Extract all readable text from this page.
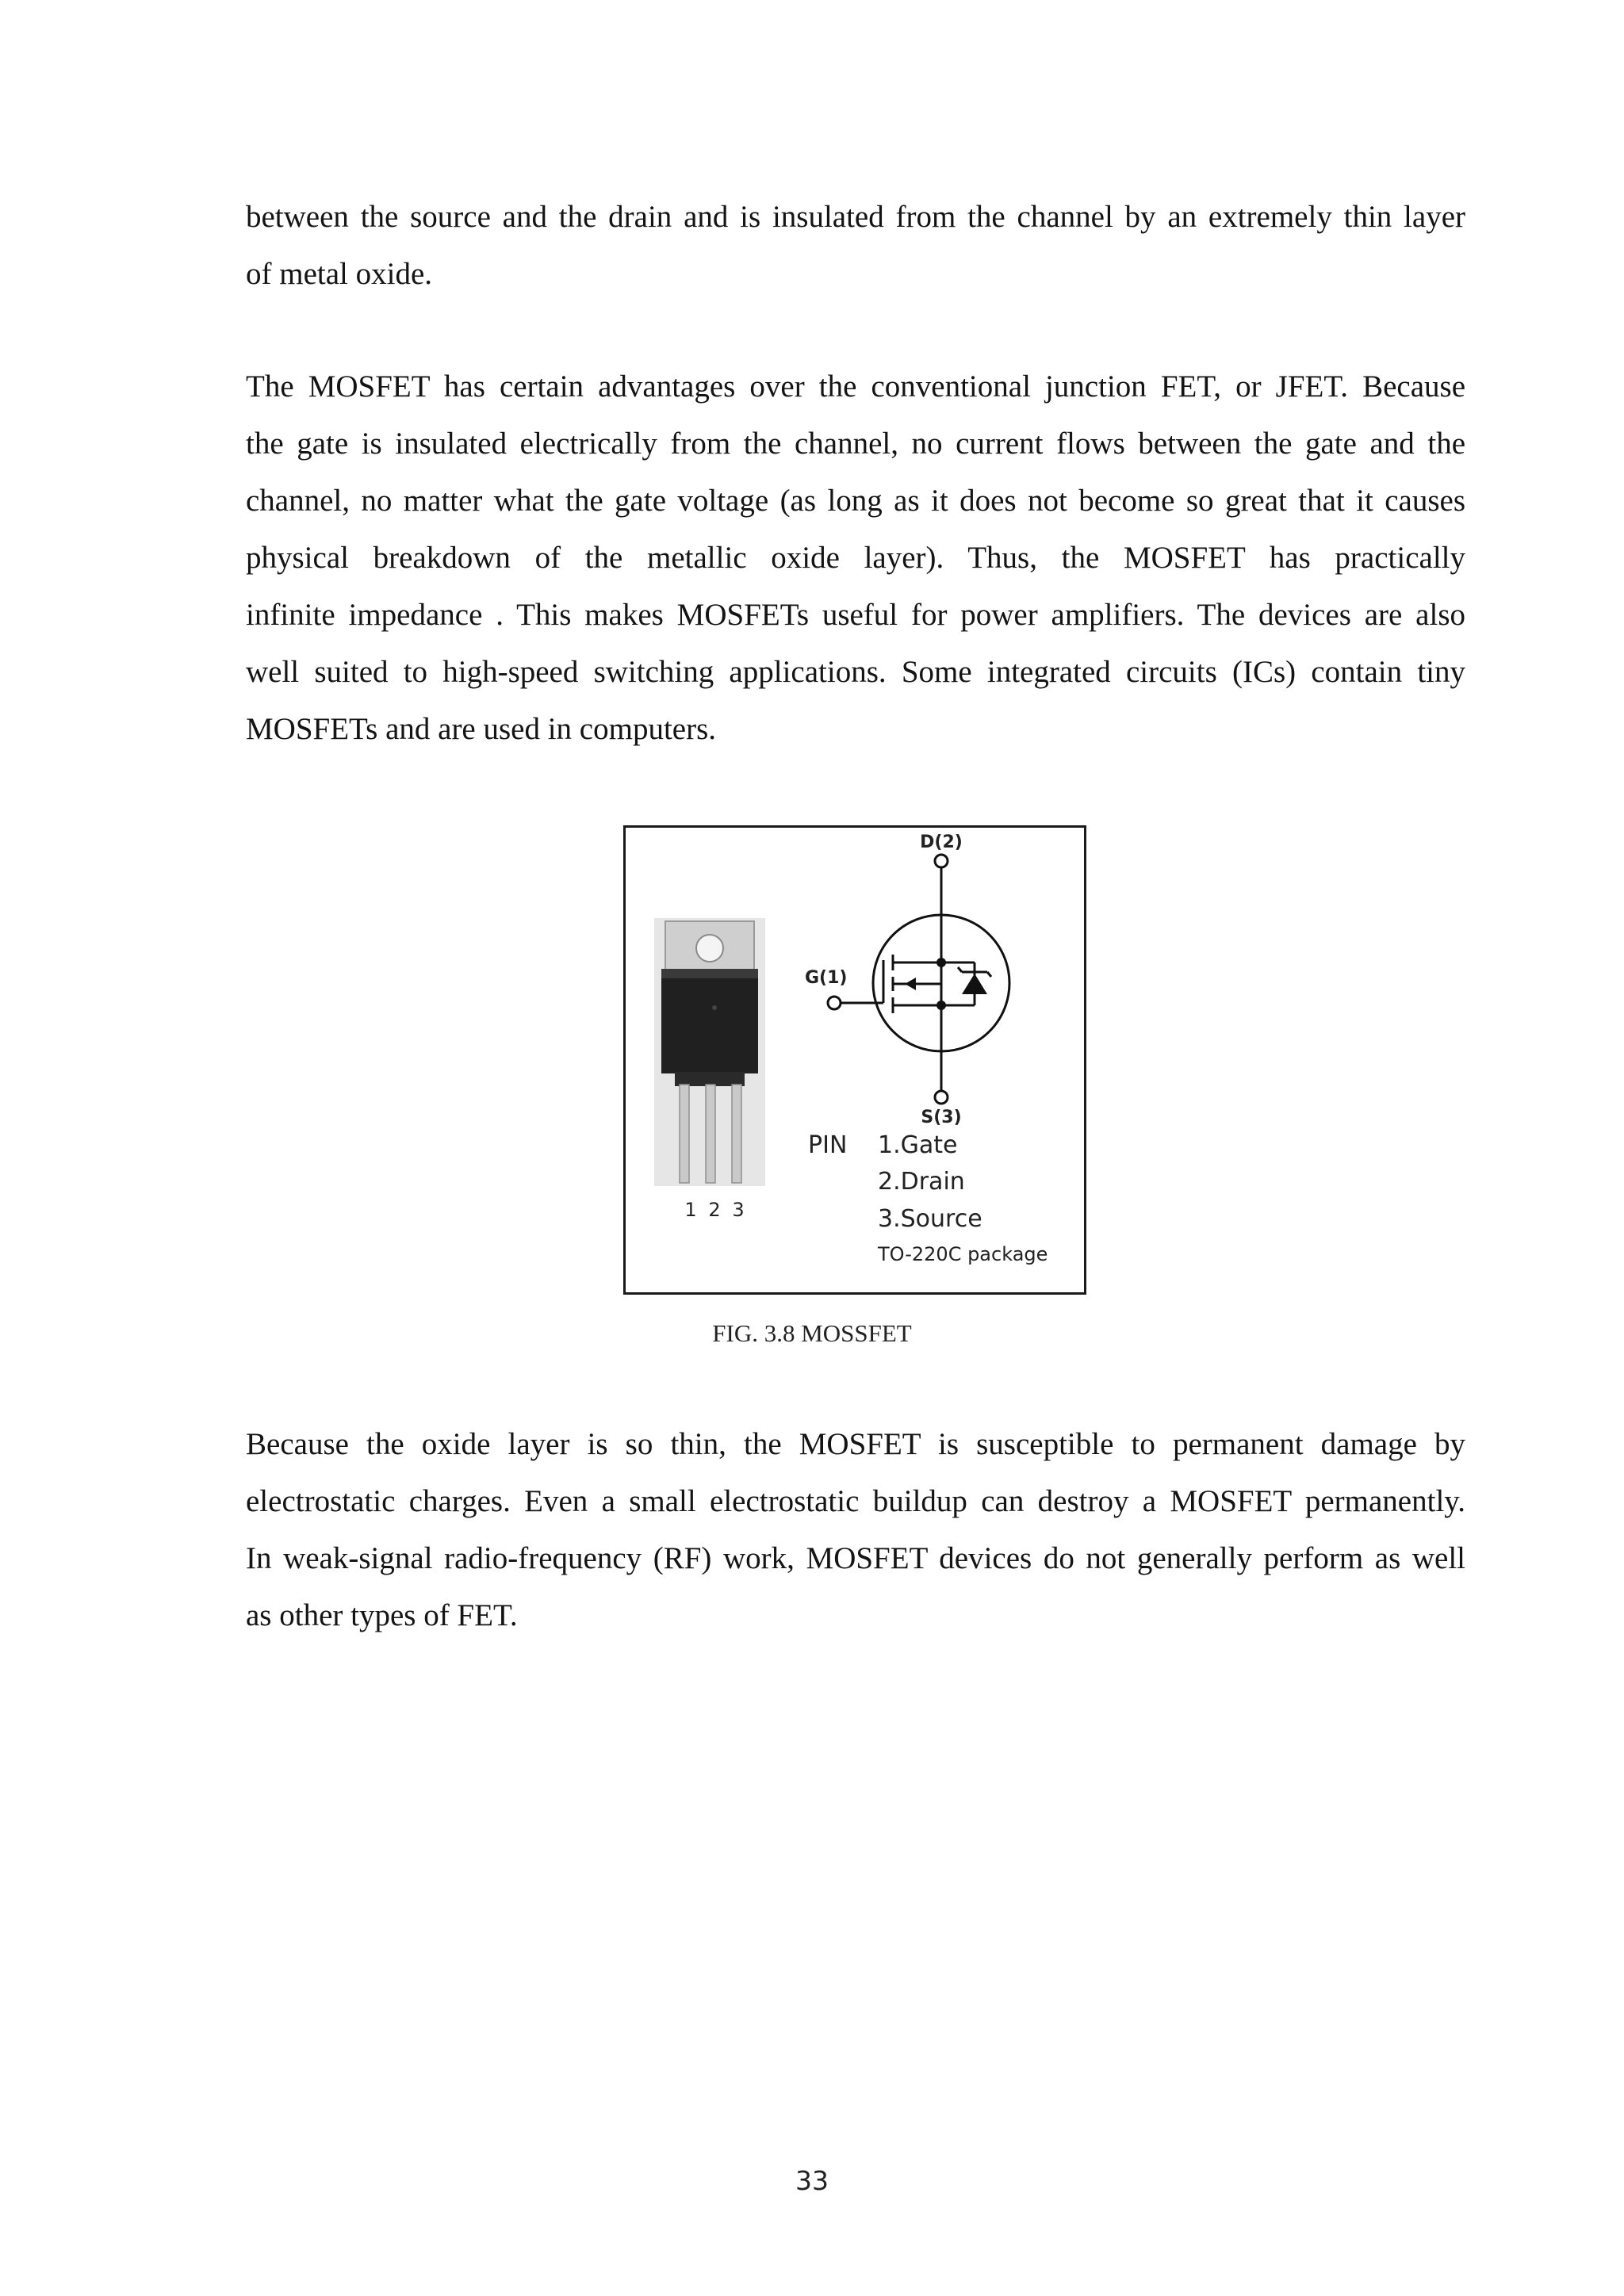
between the source and the drain and is insulated from the channel by an extremely thin layer
of metal oxide.
The MOSFET has certain advantages over the conventional junction FET, or JFET. Because
the gate is insulated electrically from the channel, no current flows between the gate and the
channel, no matter what the gate voltage (as long as it does not become so great that it causes
physical breakdown of the metallic oxide layer). Thus, the MOSFET has practically
infinite impedance . This makes MOSFETs useful for power amplifiers. The devices are also
well suited to high-speed switching applications. Some integrated circuits (ICs) contain tiny
MOSFETs and are used in computers.
1 2 3
D(2)
G(1)
S(3)
PIN 1.Gate
2.Drain
3.Source
TO-220C package
FIG. 3.8 MOSSFET
Because the oxide layer is so thin, the MOSFET is susceptible to permanent damage by
electrostatic charges. Even a small electrostatic buildup can destroy a MOSFET permanently.
In weak-signal radio-frequency (RF) work, MOSFET devices do not generally perform as well
as other types of FET.
33
